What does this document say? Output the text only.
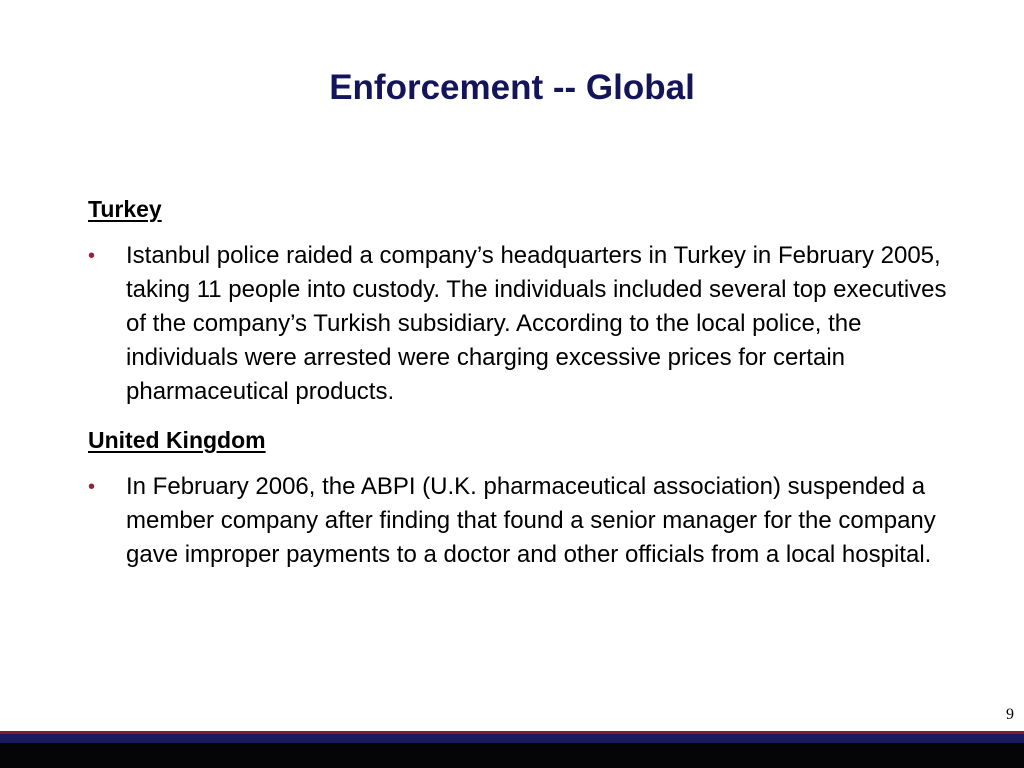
Enforcement -- Global

Turkey

• Istanbul police raided a company’s headquarters in Turkey in February 2005, taking 11 people into custody. The individuals included several top executives of the company’s Turkish subsidiary. According to the local police, the individuals were arrested were charging excessive prices for certain pharmaceutical products.

United Kingdom

• In February 2006, the ABPI (U.K. pharmaceutical association) suspended a member company after finding that found a senior manager for the company gave improper payments to a doctor and other officials from a local hospital.
9
